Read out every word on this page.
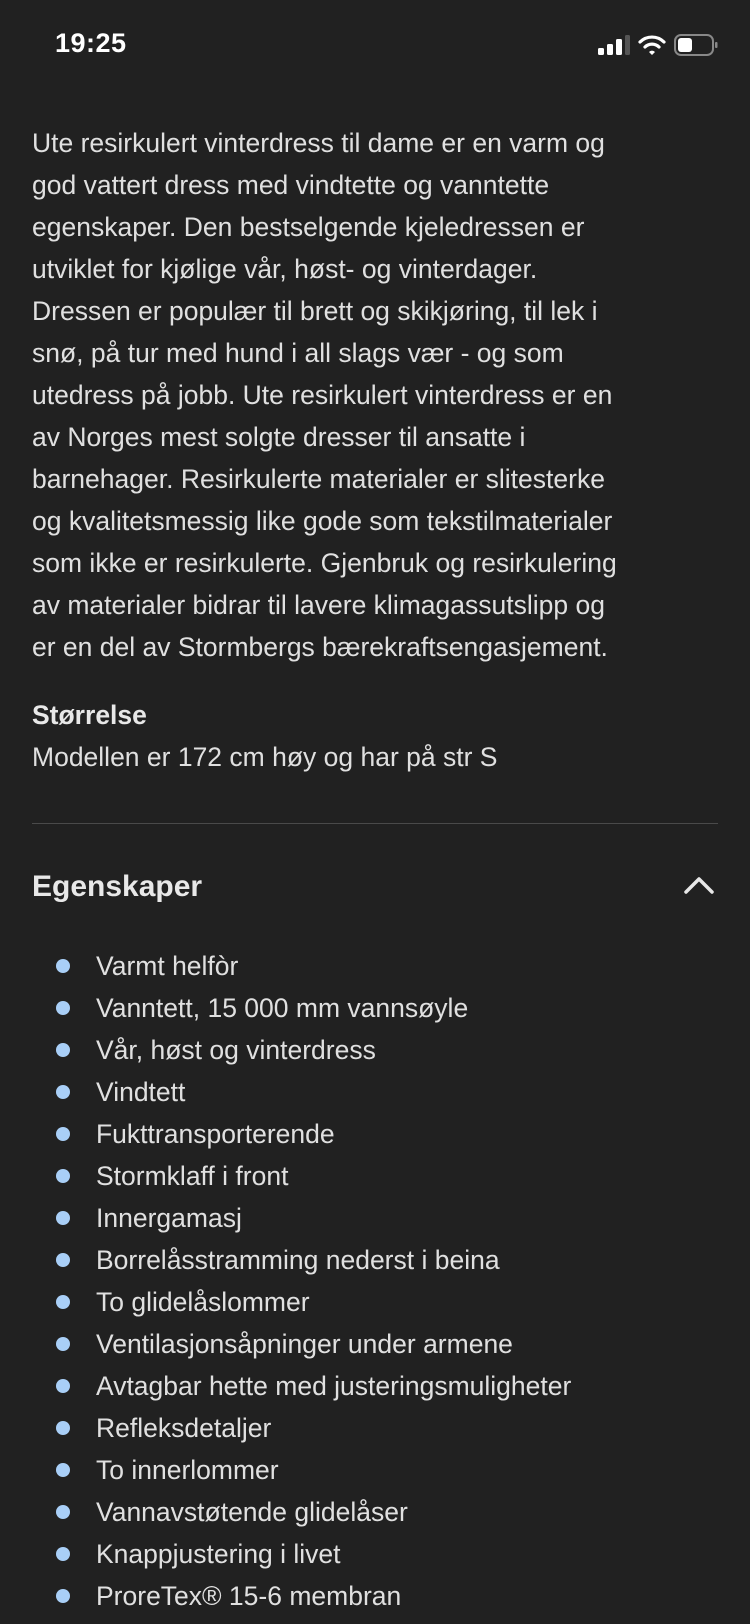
19:25
Ute resirkulert vinterdress til dame er en varm og
god vattert dress med vindtette og vanntette
egenskaper. Den bestselgende kjeledressen er
utviklet for kjølige vår, høst- og vinterdager.
Dressen er populær til brett og skikjøring, til lek i
snø, på tur med hund i all slags vær - og som
utedress på jobb. Ute resirkulert vinterdress er en
av Norges mest solgte dresser til ansatte i
barnehager. Resirkulerte materialer er slitesterke
og kvalitetsmessig like gode som tekstilmaterialer
som ikke er resirkulerte. Gjenbruk og resirkulering
av materialer bidrar til lavere klimagassutslipp og
er en del av Stormbergs bærekraftsengasjement.
Størrelse
Modellen er 172 cm høy og har på str S
Egenskaper
Varmt helfòr
Vanntett, 15 000 mm vannsøyle
Vår, høst og vinterdress
Vindtett
Fukttransporterende
Stormklaff i front
Innergamasj
Borrelåsstramming nederst i beina
To glidelåslommer
Ventilasjonsåpninger under armene
Avtagbar hette med justeringsmuligheter
Refleksdetaljer
To innerlommer
Vannavstøtende glidelåser
Knappjustering i livet
ProreTex® 15-6 membran
